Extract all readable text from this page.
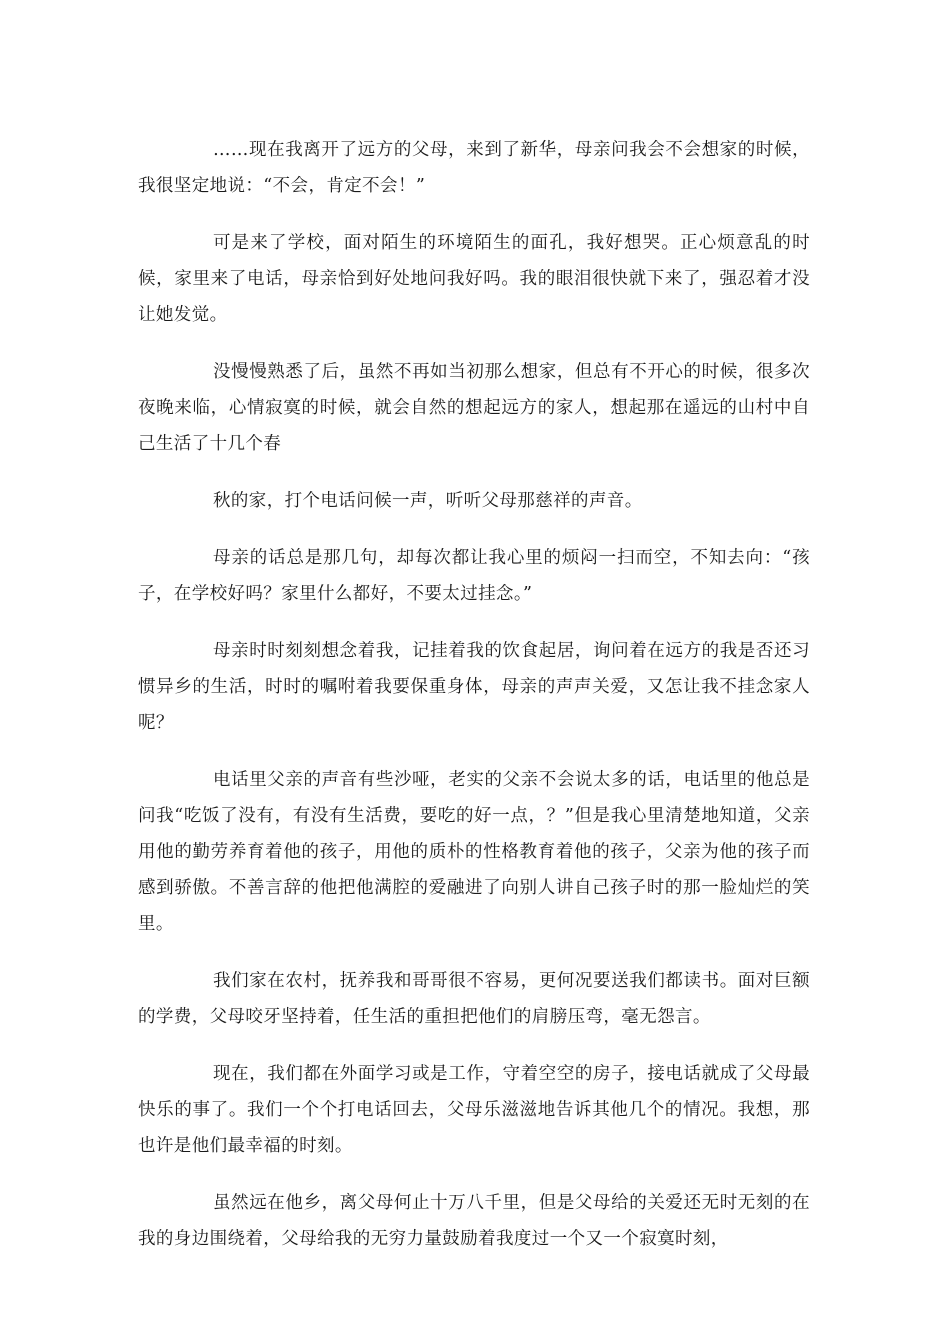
……现在我离开了远方的父母，来到了新华，母亲问我会不会想家的时候，我很坚定地说：“不会，肯定不会！”

可是来了学校，面对陌生的环境陌生的面孔，我好想哭。正心烦意乱的时候，家里来了电话，母亲恰到好处地问我好吗。我的眼泪很快就下来了，强忍着才没让她发觉。

没慢慢熟悉了后，虽然不再如当初那么想家，但总有不开心的时候，很多次夜晚来临，心情寂寞的时候，就会自然的想起远方的家人，想起那在遥远的山村中自己生活了十几个春

秋的家，打个电话问候一声，听听父母那慈祥的声音。

母亲的话总是那几句，却每次都让我心里的烦闷一扫而空，不知去向：“孩子，在学校好吗？家里什么都好，不要太过挂念。”

母亲时时刻刻想念着我，记挂着我的饮食起居，询问着在远方的我是否还习惯异乡的生活，时时的嘱咐着我要保重身体，母亲的声声关爱，又怎让我不挂念家人呢？

电话里父亲的声音有些沙哑，老实的父亲不会说太多的话，电话里的他总是问我“吃饭了没有，有没有生活费，要吃的好一点，？”但是我心里清楚地知道，父亲用他的勤劳养育着他的孩子，用他的质朴的性格教育着他的孩子，父亲为他的孩子而感到骄傲。不善言辞的他把他满腔的爱融进了向别人讲自己孩子时的那一脸灿烂的笑里。

我们家在农村，抚养我和哥哥很不容易，更何况要送我们都读书。面对巨额的学费，父母咬牙坚持着，任生活的重担把他们的肩膀压弯，毫无怨言。

现在，我们都在外面学习或是工作，守着空空的房子，接电话就成了父母最快乐的事了。我们一个个打电话回去，父母乐滋滋地告诉其他几个的情况。我想，那也许是他们最幸福的时刻。

虽然远在他乡，离父母何止十万八千里，但是父母给的关爱还无时无刻的在我的身边围绕着，父母给我的无穷力量鼓励着我度过一个又一个寂寞时刻，
